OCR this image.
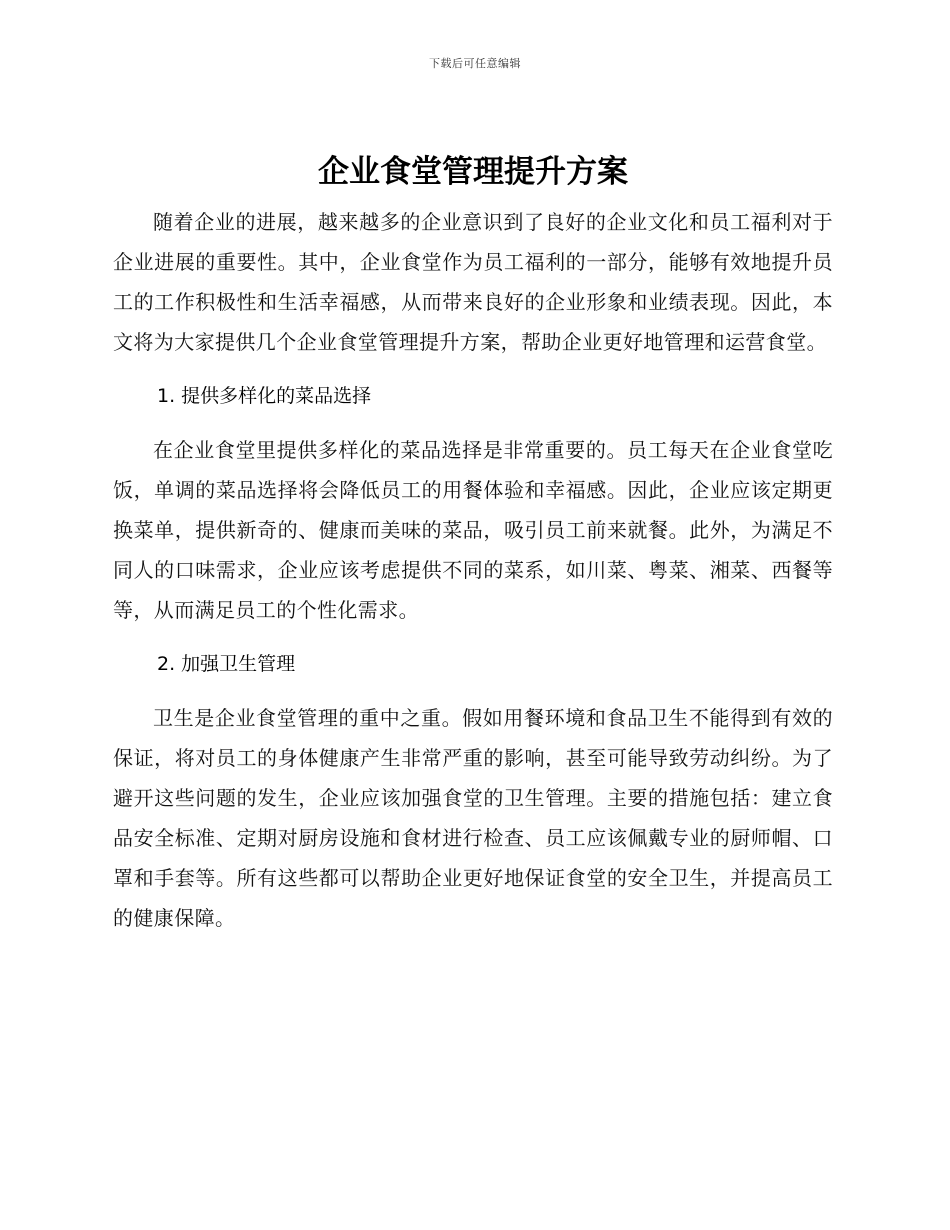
下载后可任意编辑
企业食堂管理提升方案

随着企业的进展，越来越多的企业意识到了良好的企业文化和员工福利对于企业进展的重要性。其中，企业食堂作为员工福利的一部分，能够有效地提升员工的工作积极性和生活幸福感，从而带来良好的企业形象和业绩表现。因此，本文将为大家提供几个企业食堂管理提升方案，帮助企业更好地管理和运营食堂。

1. 提供多样化的菜品选择

在企业食堂里提供多样化的菜品选择是非常重要的。员工每天在企业食堂吃饭，单调的菜品选择将会降低员工的用餐体验和幸福感。因此，企业应该定期更换菜单，提供新奇的、健康而美味的菜品，吸引员工前来就餐。此外，为满足不同人的口味需求，企业应该考虑提供不同的菜系，如川菜、粤菜、湘菜、西餐等等，从而满足员工的个性化需求。

2. 加强卫生管理

卫生是企业食堂管理的重中之重。假如用餐环境和食品卫生不能得到有效的保证，将对员工的身体健康产生非常严重的影响，甚至可能导致劳动纠纷。为了避开这些问题的发生，企业应该加强食堂的卫生管理。主要的措施包括：建立食品安全标准、定期对厨房设施和食材进行检查、员工应该佩戴专业的厨师帽、口罩和手套等。所有这些都可以帮助企业更好地保证食堂的安全卫生，并提高员工的健康保障。
